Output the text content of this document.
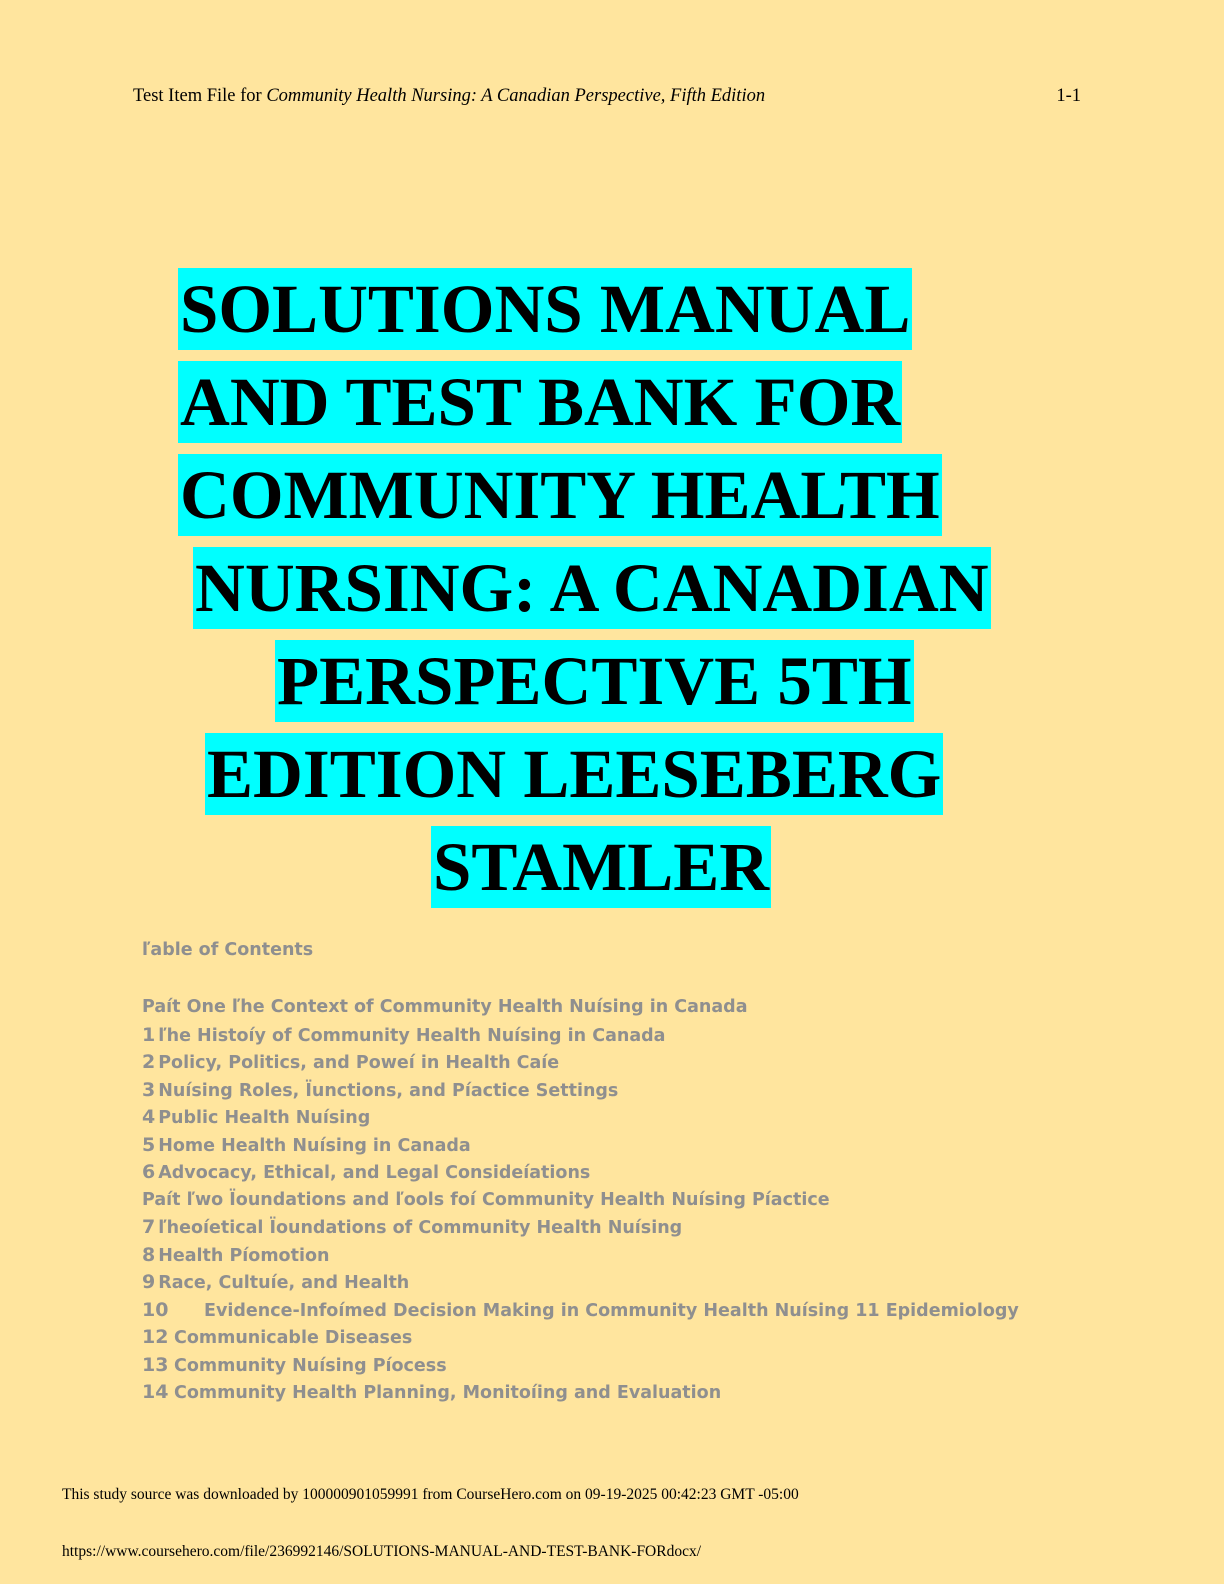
Test Item File for Community Health Nursing: A Canadian Perspective, Fifth Edition	1-1
SOLUTIONS MANUAL
AND TEST BANK FOR
COMMUNITY HEALTH
NURSING: A CANADIAN
PERSPECTIVE 5TH
EDITION LEESEBERG
STAMLER
ľable of Contents
Paít One ľhe Context of Community Health Nuísing in Canada
1 ľhe Histoíy of Community Health Nuísing in Canada
2 Policy, Politics, and Poweí in Health Caíe
3 Nuísing Roles, Ïunctions, and Píactice Settings
4 Public Health Nuísing
5 Home Health Nuísing in Canada
6 Advocacy, Ethical, and Legal Consideíations
Paít ľwo Ïoundations and ľools foí Community Health Nuísing Píactice
7 ľheoíetical Ïoundations of Community Health Nuísing
8 Health Píomotion
9 Race, Cultuíe, and Health
10 Evidence-Infoímed Decision Making in Community Health Nuísing 11 Epidemiology
12 Communicable Diseases
13 Community Nuísing Píocess
14 Community Health Planning, Monitoíing and Evaluation
This study source was downloaded by 100000901059991 from CourseHero.com on 09-19-2025 00:42:23 GMT -05:00
https://www.coursehero.com/file/236992146/SOLUTIONS-MANUAL-AND-TEST-BANK-FORdocx/
